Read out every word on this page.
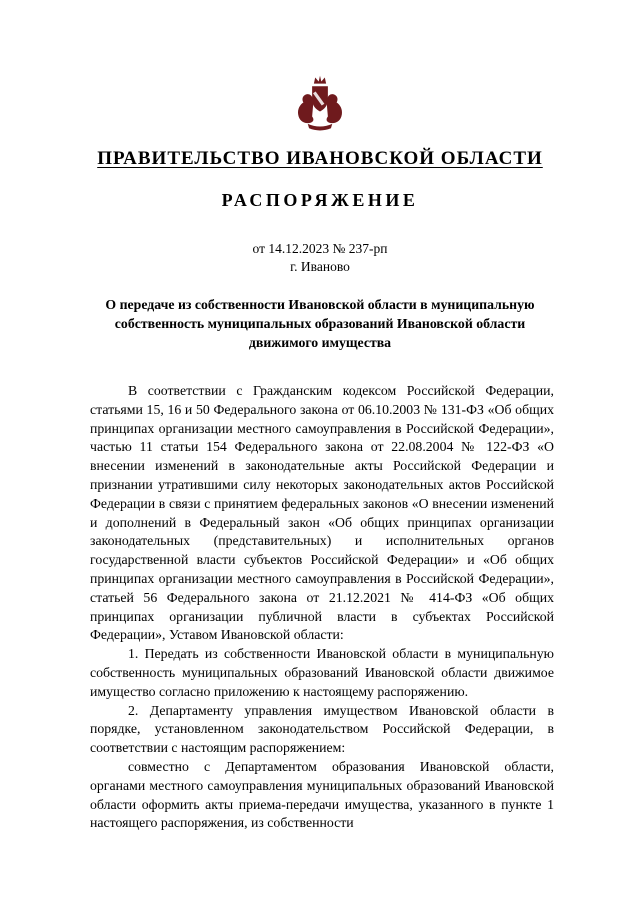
ПРАВИТЕЛЬСТВО ИВАНОВСКОЙ ОБЛАСТИ
РАСПОРЯЖЕНИЕ
от 14.12.2023 № 237-рп
г. Иваново
О передаче из собственности Ивановской области в муниципальную собственность муниципальных образований Ивановской области движимого имущества

В соответствии с Гражданским кодексом Российской Федерации, статьями 15, 16 и 50 Федерального закона от 06.10.2003 № 131-ФЗ «Об общих принципах организации местного самоуправления в Российской Федерации», частью 11 статьи 154 Федерального закона от 22.08.2004 № 122-ФЗ «О внесении изменений в законодательные акты Российской Федерации и признании утратившими силу некоторых законодательных актов Российской Федерации в связи с принятием федеральных законов «О внесении изменений и дополнений в Федеральный закон «Об общих принципах организации законодательных (представительных) и исполнительных органов государственной власти субъектов Российской Федерации» и «Об общих принципах организации местного самоуправления в Российской Федерации», статьей 56 Федерального закона от 21.12.2021 № 414-ФЗ «Об общих принципах организации публичной власти в субъектах Российской Федерации», Уставом Ивановской области:

1. Передать из собственности Ивановской области в муниципальную собственность муниципальных образований Ивановской области движимое имущество согласно приложению к настоящему распоряжению.

2. Департаменту управления имуществом Ивановской области в порядке, установленном законодательством Российской Федерации, в соответствии с настоящим распоряжением:

совместно с Департаментом образования Ивановской области, органами местного самоуправления муниципальных образований Ивановской области оформить акты приема-передачи имущества, указанного в пункте 1 настоящего распоряжения, из собственности
